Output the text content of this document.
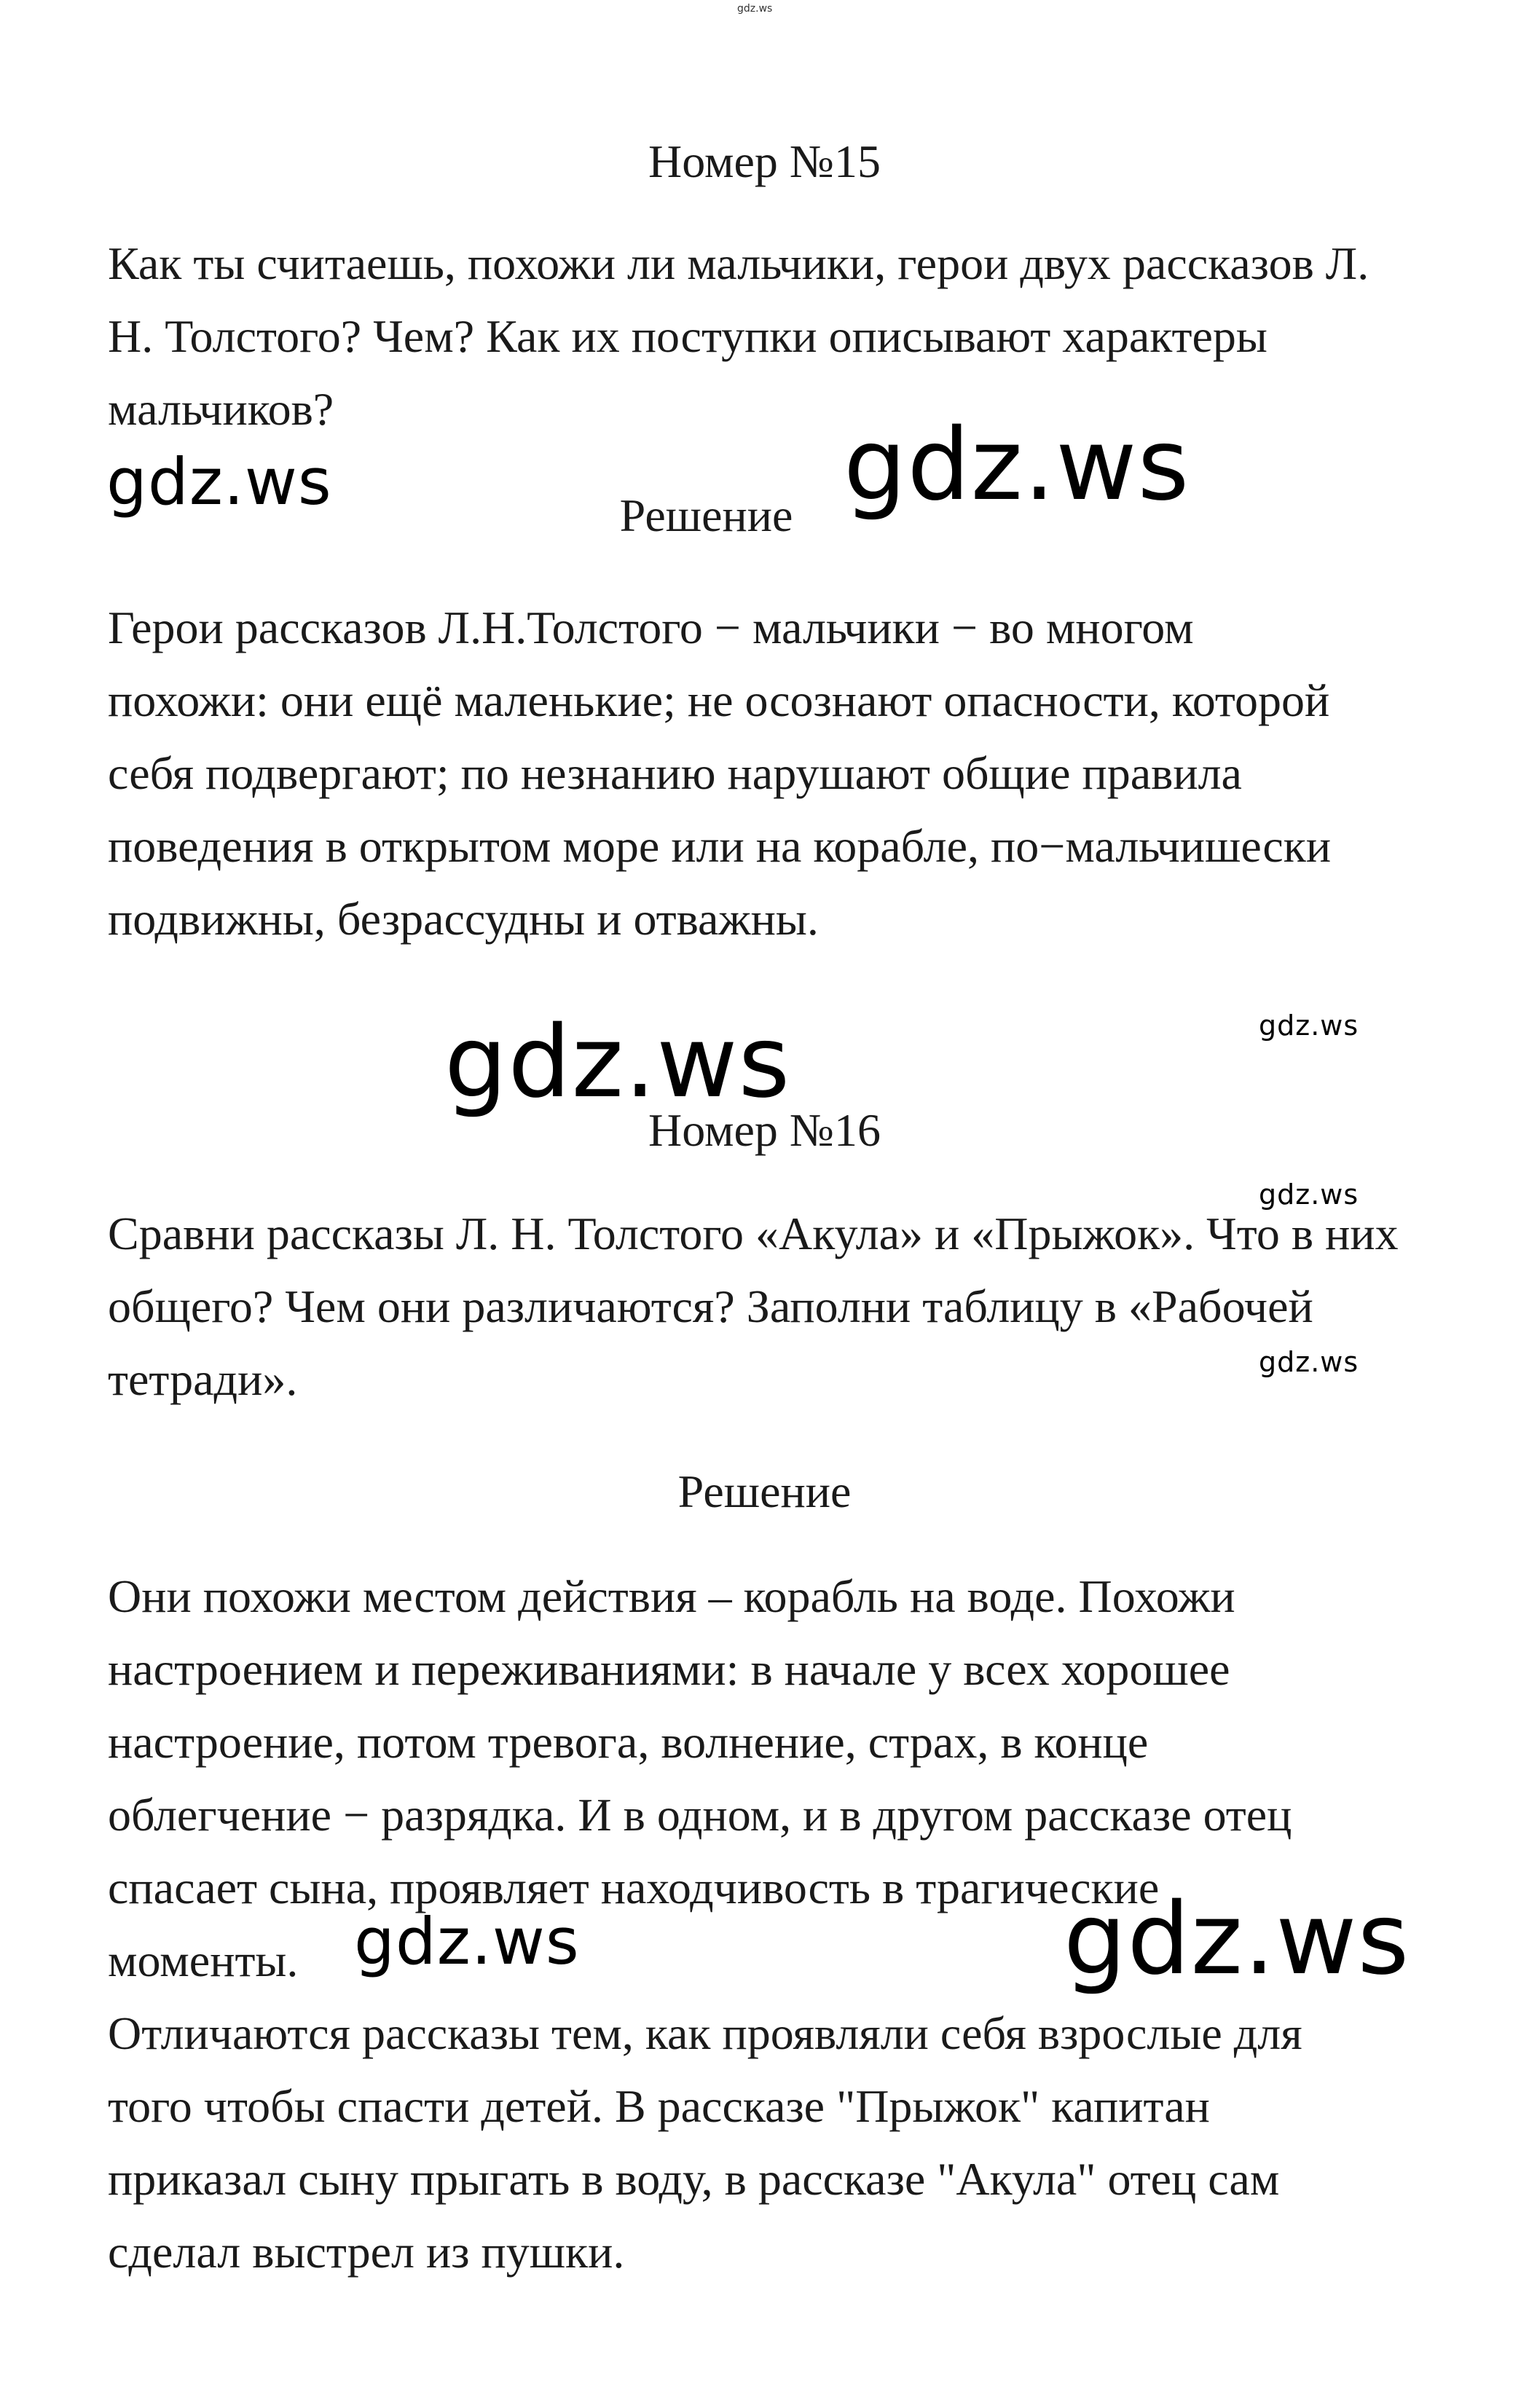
gdz.ws
Номер №15

Как ты считаешь, похожи ли мальчики, герои двух рассказов Л. Н. Толстого? Чем? Как их поступки описывают характеры мальчиков?

gdz.ws	gdz.ws
Решение

Герои рассказов Л.Н.Толстого − мальчики − во многом похожи: они ещё маленькие; не осознают опасности, которой себя подвергают; по незнанию нарушают общие правила поведения в открытом море или на корабле, по−мальчишески подвижны, безрассудны и отважны.

gdz.ws	gdz.ws
Номер №16
gdz.ws

Сравни рассказы Л. Н. Толстого «Акула» и «Прыжок». Что в них общего? Чем они различаются? Заполни таблицу в «Рабочей тетради».	gdz.ws
Решение

Они похожи местом действия – корабль на воде. Похожи настроением и переживаниями: в начале у всех хорошее настроение, потом тревога, волнение, страх, в конце облегчение − разрядка. И в одном, и в другом рассказе отец спасает сына, проявляет находчивость в трагические моменты. gdz.ws	gdz.ws

Отличаются рассказы тем, как проявляли себя взрослые для того чтобы спасти детей. В рассказе "Прыжок" капитан приказал сыну прыгать в воду, в рассказе "Акула" отец сам сделал выстрел из пушки.
